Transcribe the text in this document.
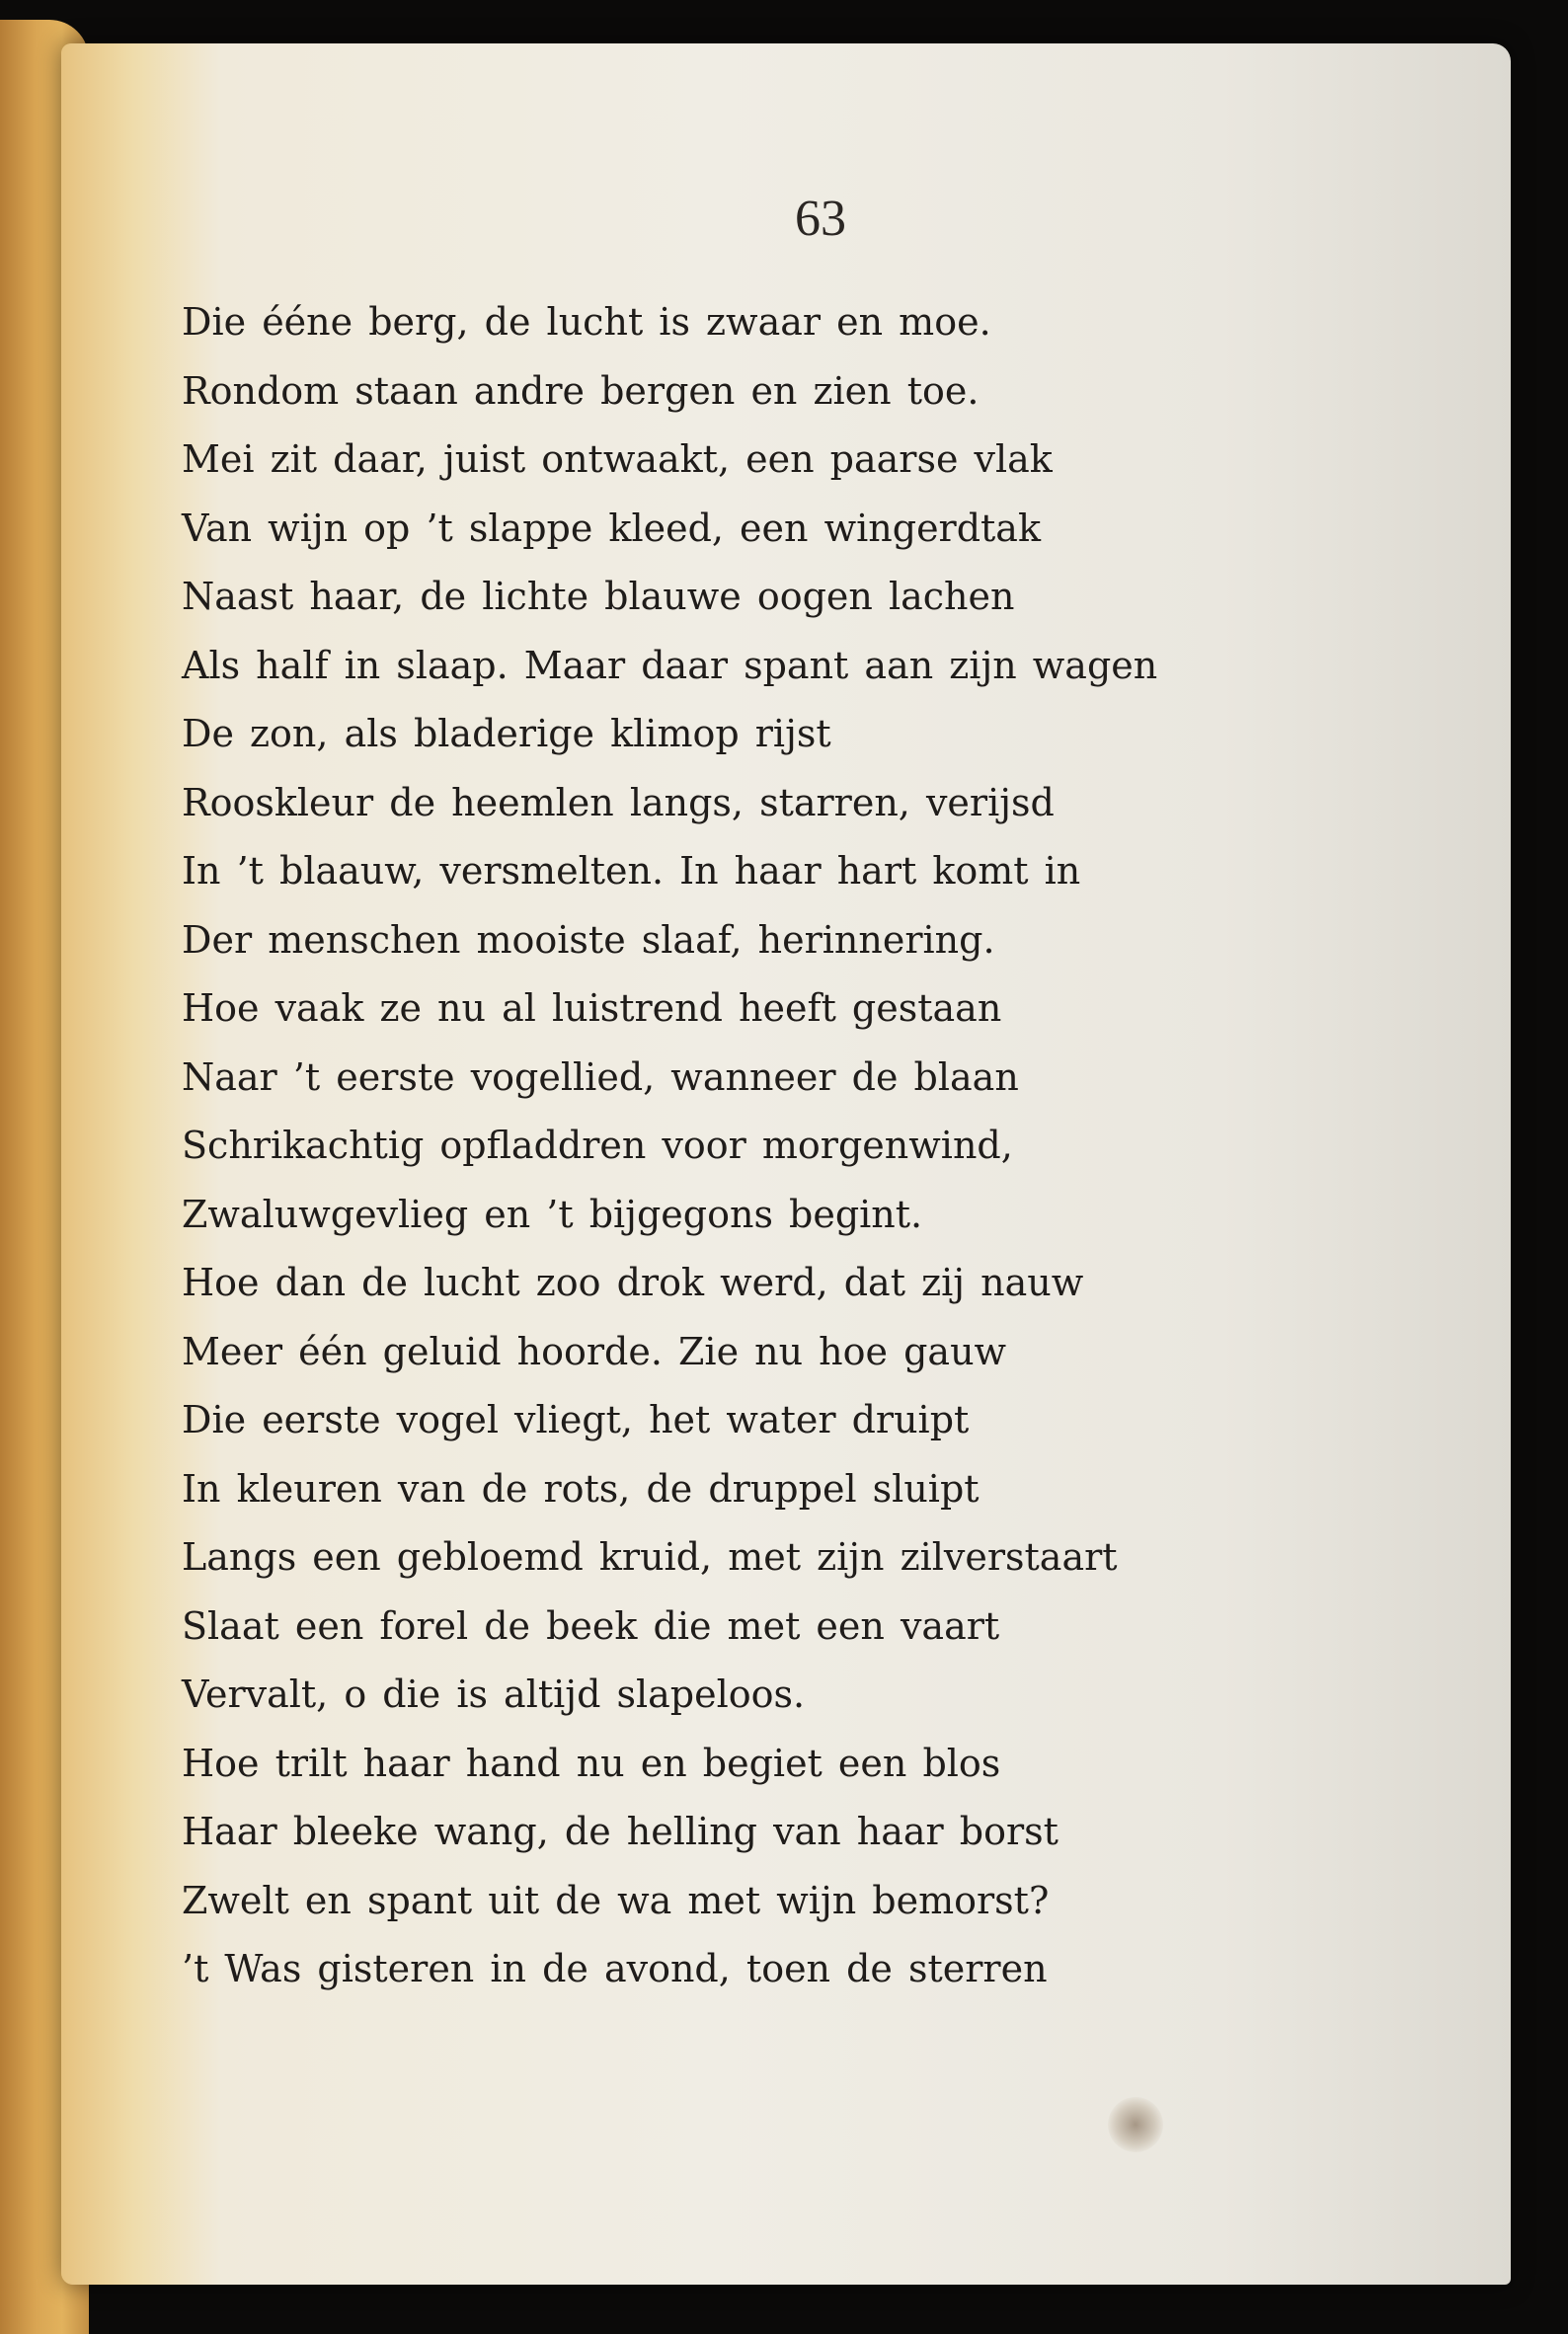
63
Die ééne berg, de lucht is zwaar en moe.
Rondom staan andre bergen en zien toe.
Mei zit daar, juist ontwaakt, een paarse vlak
Van wijn op ’t slappe kleed, een wingerdtak
Naast haar, de lichte blauwe oogen lachen
Als half in slaap. Maar daar spant aan zijn wagen
De zon, als bladerige klimop rijst
Rooskleur de heemlen langs, starren, verijsd
In ’t blaauw, versmelten. In haar hart komt in
Der menschen mooiste slaaf, herinnering.
Hoe vaak ze nu al luistrend heeft gestaan
Naar ’t eerste vogellied, wanneer de blaan
Schrikachtig opfladdren voor morgenwind,
Zwaluwgevlieg en ’t bijgegons begint.
Hoe dan de lucht zoo drok werd, dat zij nauw
Meer één geluid hoorde. Zie nu hoe gauw
Die eerste vogel vliegt, het water druipt
In kleuren van de rots, de druppel sluipt
Langs een gebloemd kruid, met zijn zilverstaart
Slaat een forel de beek die met een vaart
Vervalt, o die is altijd slapeloos.
Hoe trilt haar hand nu en begiet een blos
Haar bleeke wang, de helling van haar borst
Zwelt en spant uit de wa met wijn bemorst?
’t Was gisteren in de avond, toen de sterren
